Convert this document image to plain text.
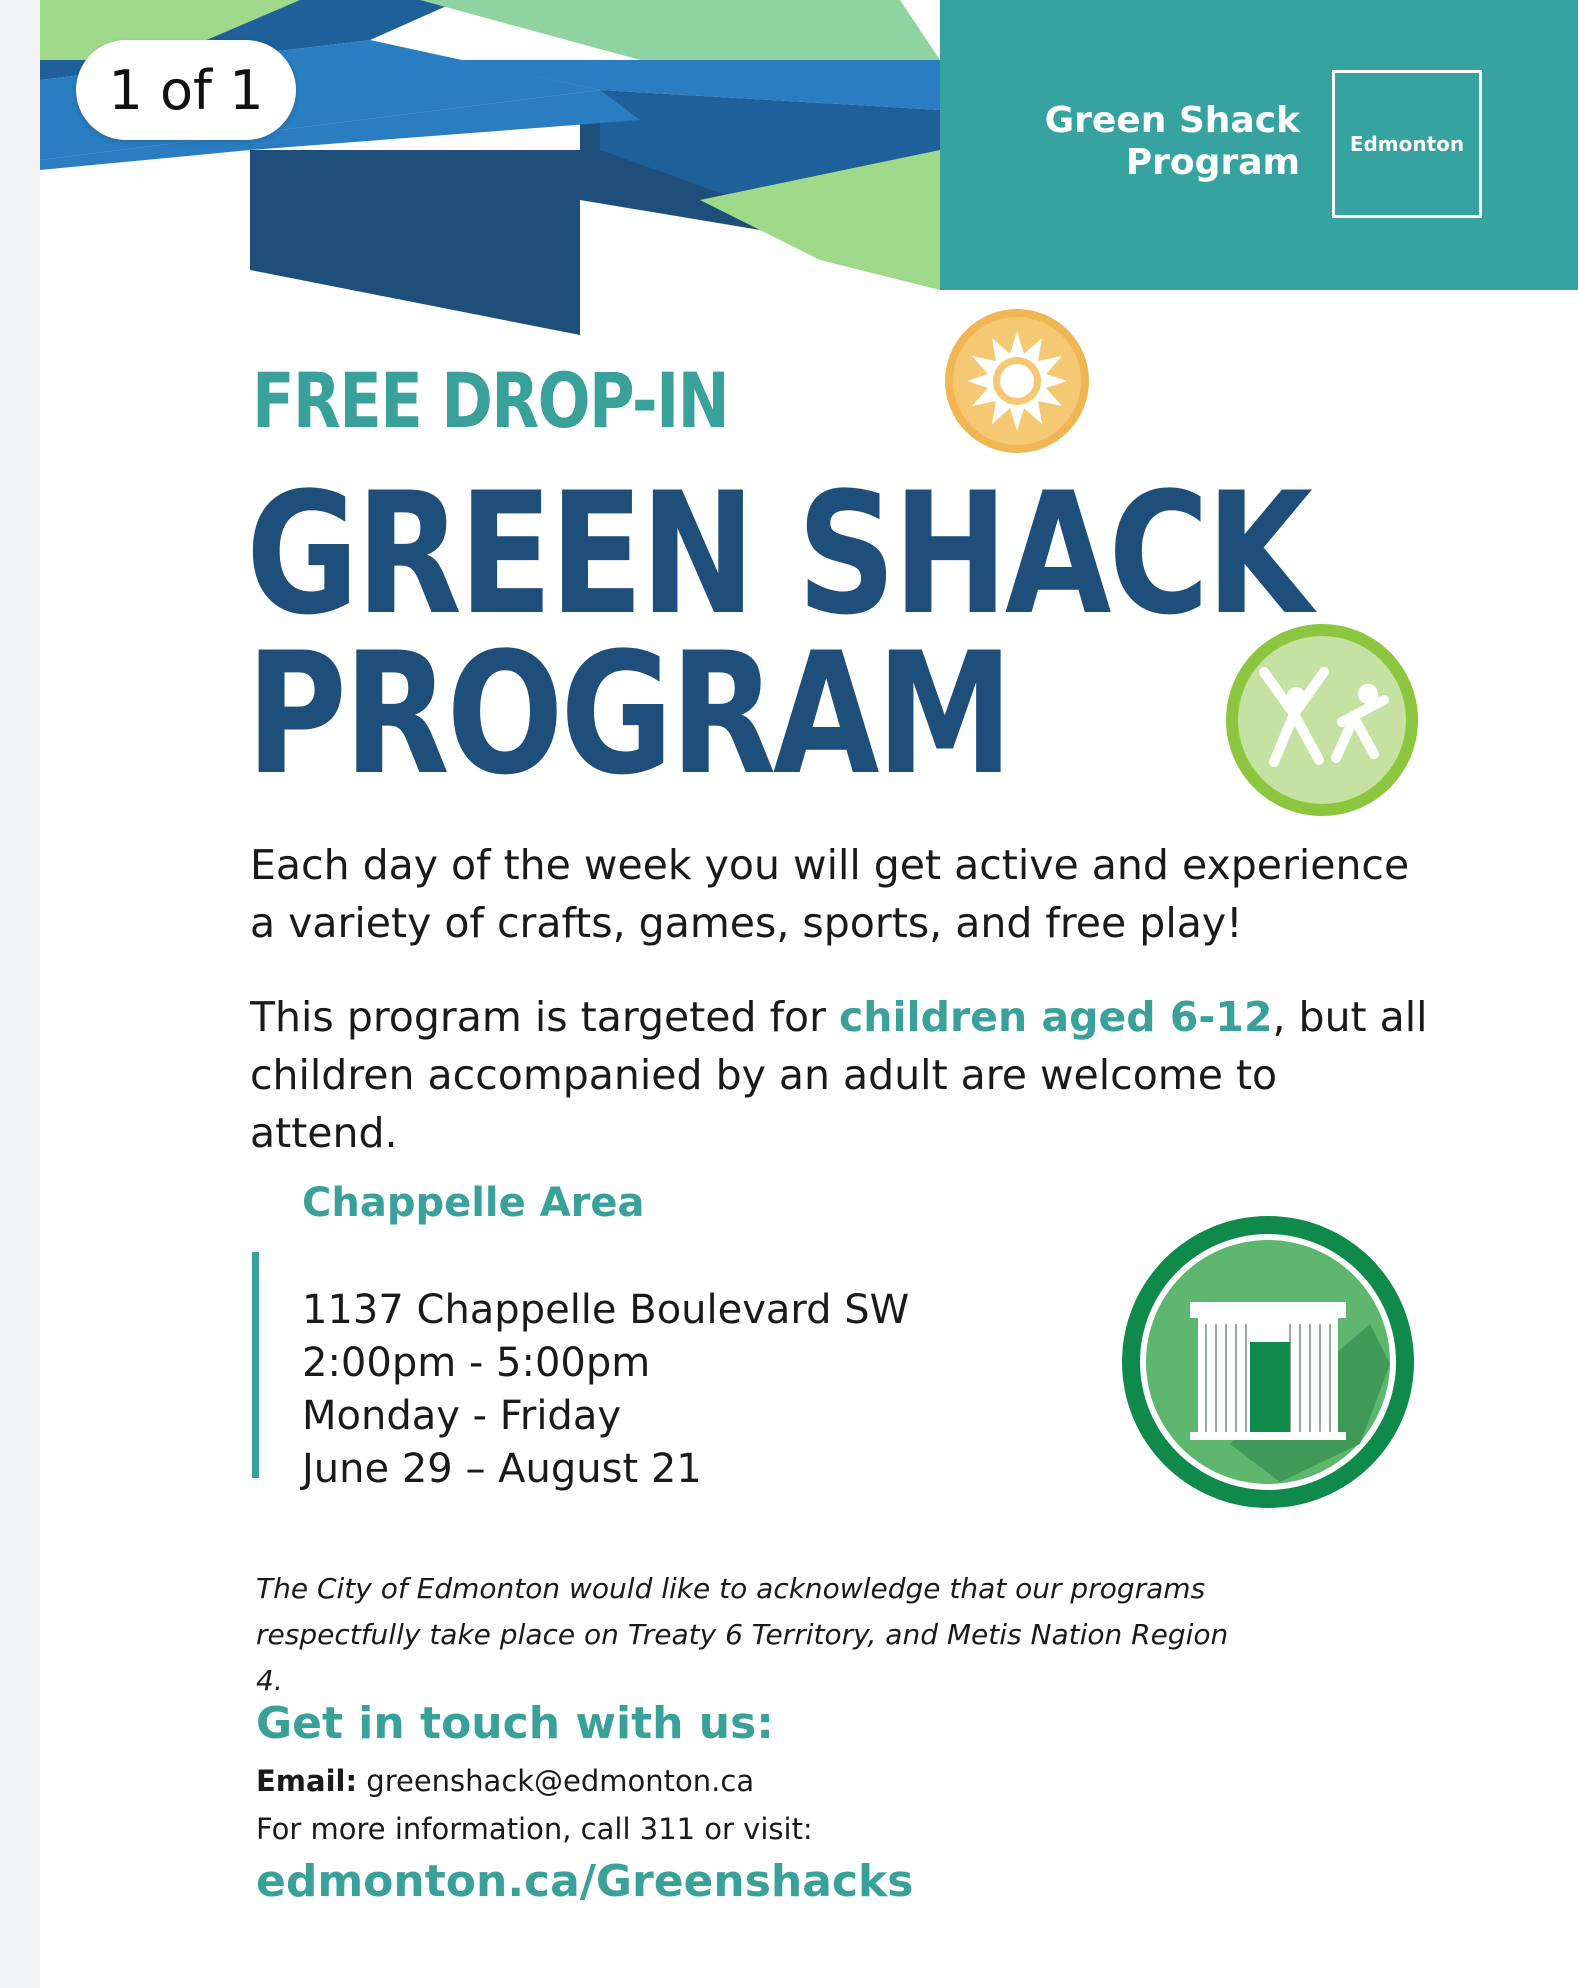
1 of 1	Green Shack
Program	Edmonton
FREE DROP-IN
GREEN SHACK
PROGRAM
Each day of the week you will get active and experience a variety of crafts, games, sports, and free play!
This program is targeted for children aged 6-12, but all children accompanied by an adult are welcome to attend.
Chappelle Area
1137 Chappelle Boulevard SW
2:00pm - 5:00pm
Monday - Friday
June 29 – August 21
The City of Edmonton would like to acknowledge that our programs respectfully take place on Treaty 6 Territory, and Metis Nation Region 4.
Get in touch with us:
Email: greenshack@edmonton.ca
For more information, call 311 or visit:
edmonton.ca/Greenshacks
